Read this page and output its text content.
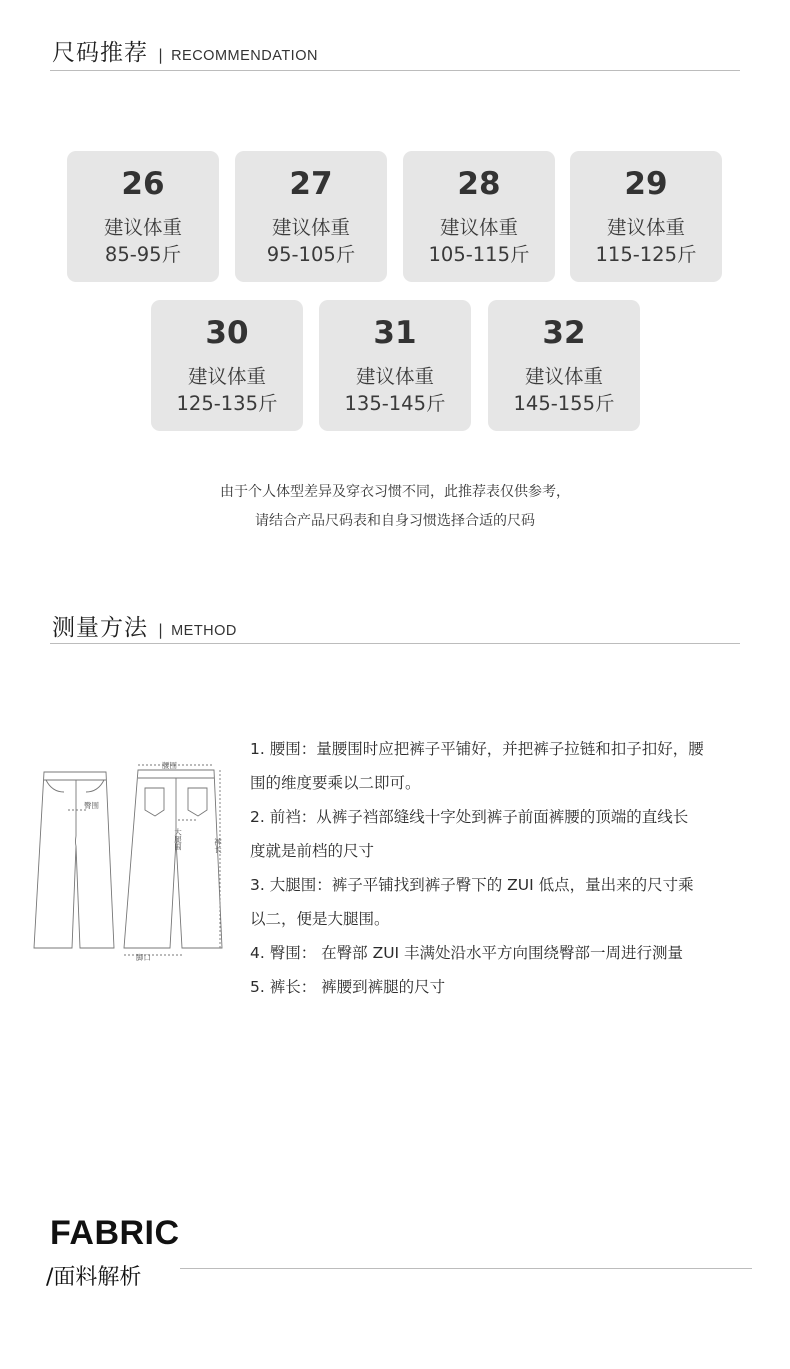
尺码推荐 | RECOMMENDATION
26
建议体重
85-95斤
27
建议体重
95-105斤
28
建议体重
105-115斤
29
建议体重
115-125斤
30
建议体重
125-135斤
31
建议体重
135-145斤
32
建议体重
145-155斤
由于个人体型差异及穿衣习惯不同，此推荐表仅供参考，
请结合产品尺码表和自身习惯选择合适的尺码
测量方法 | METHOD
腰围
臀围
大腿围	裤长
脚口
1. 腰围：量腰围时应把裤子平铺好，并把裤子拉链和扣子扣好，腰
围的维度要乘以二即可。
2. 前裆：从裤子裆部缝线十字处到裤子前面裤腰的顶端的直线长
度就是前档的尺寸
3. 大腿围：裤子平铺找到裤子臀下的 ZUI 低点，量出来的尺寸乘
以二，便是大腿围。
4. 臀围： 在臀部 ZUI 丰满处沿水平方向围绕臀部一周进行测量
5. 裤长： 裤腰到裤腿的尺寸
FABRIC
/面料解析
